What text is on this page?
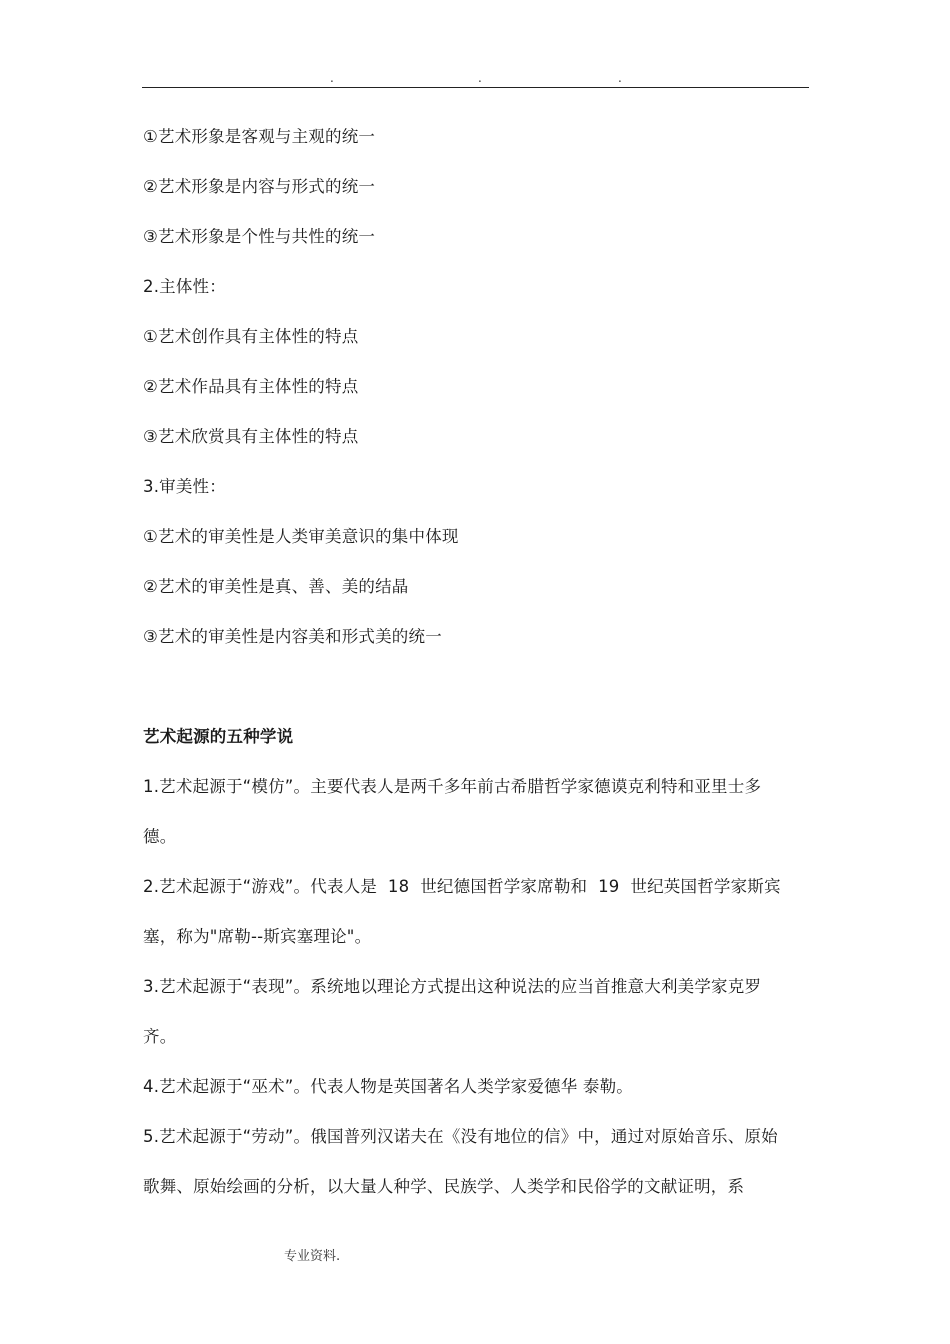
.	.	.
①艺术形象是客观与主观的统一
②艺术形象是内容与形式的统一
③艺术形象是个性与共性的统一
2.主体性：
①艺术创作具有主体性的特点
②艺术作品具有主体性的特点
③艺术欣赏具有主体性的特点
3.审美性：
①艺术的审美性是人类审美意识的集中体现
②艺术的审美性是真、善、美的结晶
③艺术的审美性是内容美和形式美的统一
艺术起源的五种学说
1.艺术起源于“模仿”。主要代表人是两千多年前古希腊哲学家德谟克利特和亚里士多
德。
2.艺术起源于“游戏”。代表人是  18  世纪德国哲学家席勒和  19  世纪英国哲学家斯宾
塞，称为"席勒--斯宾塞理论"。
3.艺术起源于“表现”。系统地以理论方式提出这种说法的应当首推意大利美学家克罗
齐。
4.艺术起源于“巫术”。代表人物是英国著名人类学家爱德华 泰勒。
5.艺术起源于“劳动”。俄国普列汉诺夫在《没有地位的信》中，通过对原始音乐、原始
歌舞、原始绘画的分析，以大量人种学、民族学、人类学和民俗学的文献证明，系
专业资料.
